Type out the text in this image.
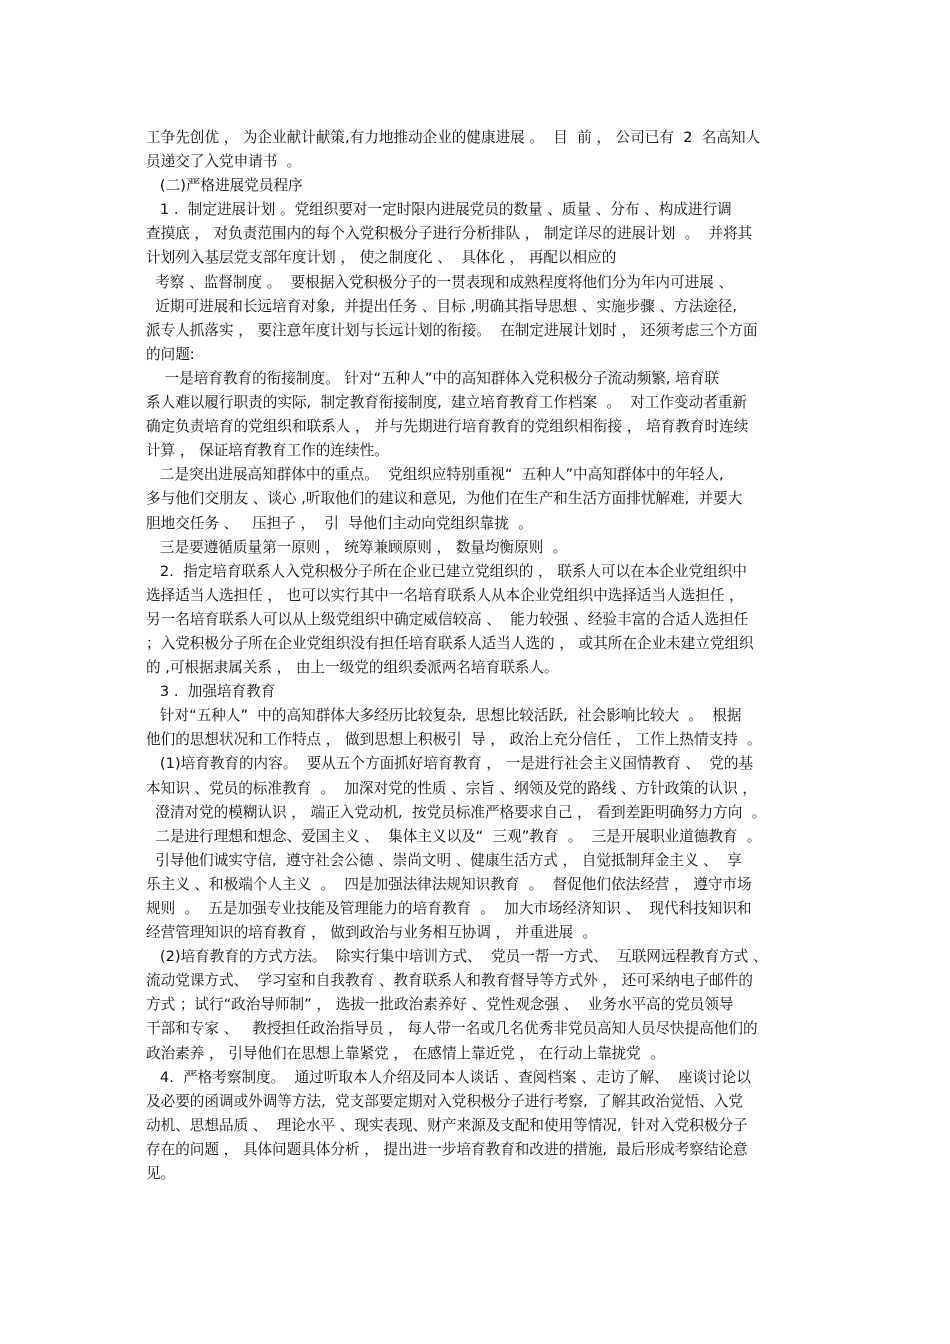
工争先创优 ， 为企业献计献策,有力地推动企业的健康进展 。  目  前 ， 公司已有  2  名高知人
员递交了入党申请书  。
(二)严格进展党员程序
1 .  制定进展计划 。党组织要对一定时限内进展党员的数量 、质量 、分布 、构成进行调
查摸底 ， 对负责范围内的每个入党积极分子进行分析排队 ， 制定详尽的进展计划  。  并将其
计划列入基层党支部年度计划 ， 使之制度化 、  具体化 ， 再配以相应的
考察 、监督制度 。  要根据入党积极分子的一贯表现和成熟程度将他们分为年内可进展 、
近期可进展和长远培育对象,  并提出任务 、目标 ,明确其指导思想 、实施步骤 、方法途径,
派专人抓落实 ， 要注意年度计划与长远计划的衔接。  在制定进展计划时 ， 还须考虑三个方面
的问题:
一是培育教育的衔接制度。 针对“五种人”中的高知群体入党积极分子流动频繁, 培育联
系人难以履行职责的实际,  制定教育衔接制度,  建立培育教育工作档案  。  对工作变动者重新
确定负责培育的党组织和联系人 ， 并与先期进行培育教育的党组织相衔接 ， 培育教育时连续
计算 ， 保证培育教育工作的连续性。
二是突出进展高知群体中的重点。  党组织应特别重视“  五种人”中高知群体中的年轻人,
多与他们交朋友 、谈心 ,听取他们的建议和意见,  为他们在生产和生活方面排忧解难,  并要大
胆地交任务 、   压担子 ，  引  导他们主动向党组织靠拢  。
三是要遵循质量第一原则 ， 统筹兼顾原则 ， 数量均衡原则  。
2.  指定培育联系人入党积极分子所在企业已建立党组织的 ， 联系人可以在本企业党组织中
选择适当人选担任 ， 也可以实行其中一名培育联系人从本企业党组织中选择适当人选担任 ，
另一名培育联系人可以从上级党组织中确定威信较高 、  能力较强 、经验丰富的合适人选担任
；入党积极分子所在企业党组织没有担任培育联系人适当人选的 ， 或其所在企业未建立党组织
的 ,可根据隶属关系 ， 由上一级党的组织委派两名培育联系人。
3 .  加强培育教育
针对“五种人”  中的高知群体大多经历比较复杂,  思想比较活跃,  社会影响比较大  。  根据
他们的思想状况和工作特点 ， 做到思想上积极引  导 ， 政治上充分信任 ， 工作上热情支持  。
(1)培育教育的内容。  要从五个方面抓好培育教育 ， 一是进行社会主义国情教育 、  党的基
本知识 、党员的标准教育  。  加深对党的性质 、宗旨 、纲领及党的路线 、方针政策的认识 ，
澄清对党的模糊认识 ， 端正入党动机,  按党员标准严格要求自己 ， 看到差距明确努力方向  。
二是进行理想和想念、爱国主义 、  集体主义以及“  三观”教育  。  三是开展职业道德教育  。
引导他们诚实守信,  遵守社会公德 、崇尚文明 、健康生活方式 ， 自觉抵制拜金主义 、  享
乐主义 、和极端个人主义  。  四是加强法律法规知识教育  。  督促他们依法经营 ， 遵守市场
规则  。  五是加强专业技能及管理能力的培育教育  。  加大市场经济知识 、  现代科技知识和
经营管理知识的培育教育 ， 做到政治与业务相互协调 ， 并重进展  。
(2)培育教育的方式方法。  除实行集中培训方式、  党员一帮一方式、  互联网远程教育方式 、
流动党课方式、  学习室和自我教育 、教育联系人和教育督导等方式外 ， 还可采纳电子邮件的
方式 ；试行“政治导师制” ， 选拔一批政治素养好 、党性观念强 、  业务水平高的党员领导
干部和专家 、   教授担任政治指导员 ， 每人带一名或几名优秀非党员高知人员尽快提高他们的
政治素养 ， 引导他们在思想上靠紧党 ， 在感情上靠近党 ， 在行动上靠拢党  。
4.  严格考察制度。  通过听取本人介绍及同本人谈话 、查阅档案 、走访了解、  座谈讨论以
及必要的函调或外调等方法,  党支部要定期对入党积极分子进行考察,  了解其政治觉悟、入党
动机、思想品质 、  理论水平 、现实表现、财产来源及支配和使用等情况,  针对入党积极分子
存在的问题 ， 具体问题具体分析 ， 提出进一步培育教育和改进的措施,  最后形成考察结论意
见。
